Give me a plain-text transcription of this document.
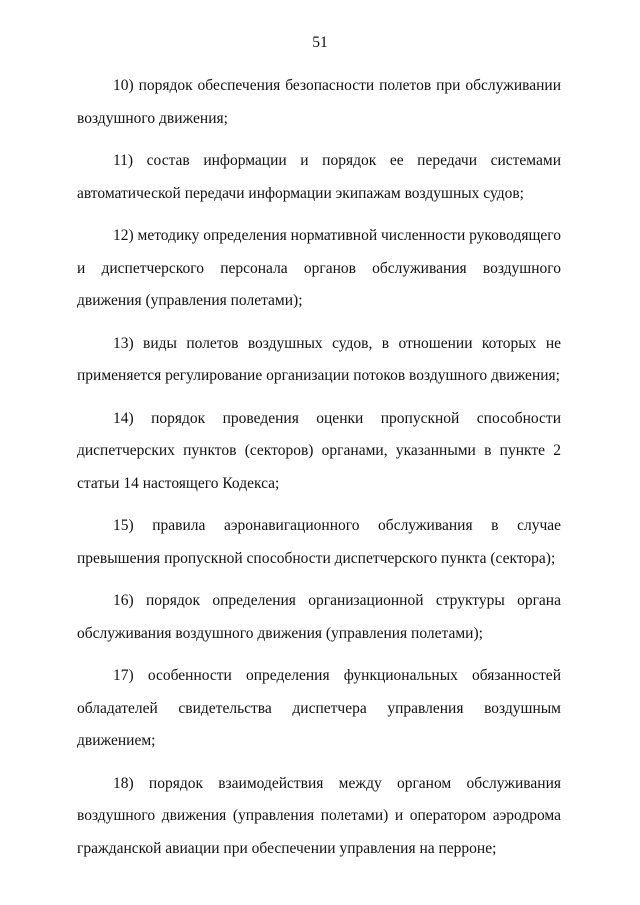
51

10) порядок обеспечения безопасности полетов при обслуживании воздушного движения;

11) состав информации и порядок ее передачи системами автоматической передачи информации экипажам воздушных судов;

12) методику определения нормативной численности руководящего и диспетчерского персонала органов обслуживания воздушного движения (управления полетами);

13) виды полетов воздушных судов, в отношении которых не применяется регулирование организации потоков воздушного движения;

14) порядок проведения оценки пропускной способности диспетчерских пунктов (секторов) органами, указанными в пункте 2 статьи 14 настоящего Кодекса;

15) правила аэронавигационного обслуживания в случае превышения пропускной способности диспетчерского пункта (сектора);

16) порядок определения организационной структуры органа обслуживания воздушного движения (управления полетами);

17) особенности определения функциональных обязанностей обладателей свидетельства диспетчера управления воздушным движением;

18) порядок взаимодействия между органом обслуживания воздушного движения (управления полетами) и оператором аэродрома гражданской авиации при обеспечении управления на перроне;
